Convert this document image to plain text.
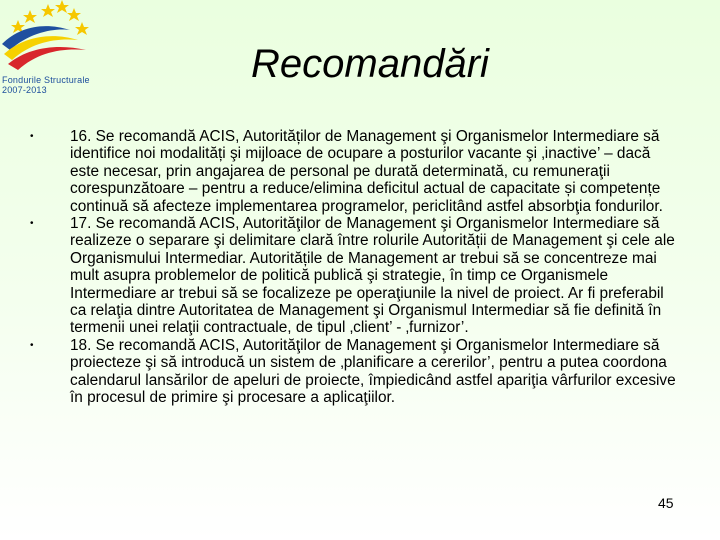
Fondurile Structurale
2007-2013
Recomandări
• 16. Se recomandă ACIS, Autorităților de Management şi Organismelor Intermediare să identifice noi modalități şi mijloace de ocupare a posturilor vacante şi ‚inactive’ – dacă este necesar, prin angajarea de personal pe durată determinată, cu remuneraţii corespunzătoare – pentru a reduce/elimina deficitul actual de capacitate și competențe continuă să afecteze implementarea programelor, periclitând astfel absorbţia fondurilor.
• 17. Se recomandă ACIS, Autorităţilor de Management şi Organismelor Intermediare să realizeze o separare şi delimitare clară între rolurile Autorității de Management şi cele ale Organismului Intermediar. Autoritățile de Management ar trebui să se concentreze mai mult asupra problemelor de politică publică şi strategie, în timp ce Organismele Intermediare ar trebui să se focalizeze pe operaţiunile la nivel de proiect. Ar fi preferabil ca relaţia dintre Autoritatea de Management şi Organismul Intermediar să fie definită în termenii unei relaţii contractuale, de tipul ‚client’ - ‚furnizor’.
• 18. Se recomandă ACIS, Autorităţilor de Management şi Organismelor Intermediare să proiecteze şi să introducă un sistem de ‚planificare a cererilor’, pentru a putea coordona calendarul lansărilor de apeluri de proiecte, împiedicând astfel apariţia vârfurilor excesive în procesul de primire şi procesare a aplicaţiilor.
45
